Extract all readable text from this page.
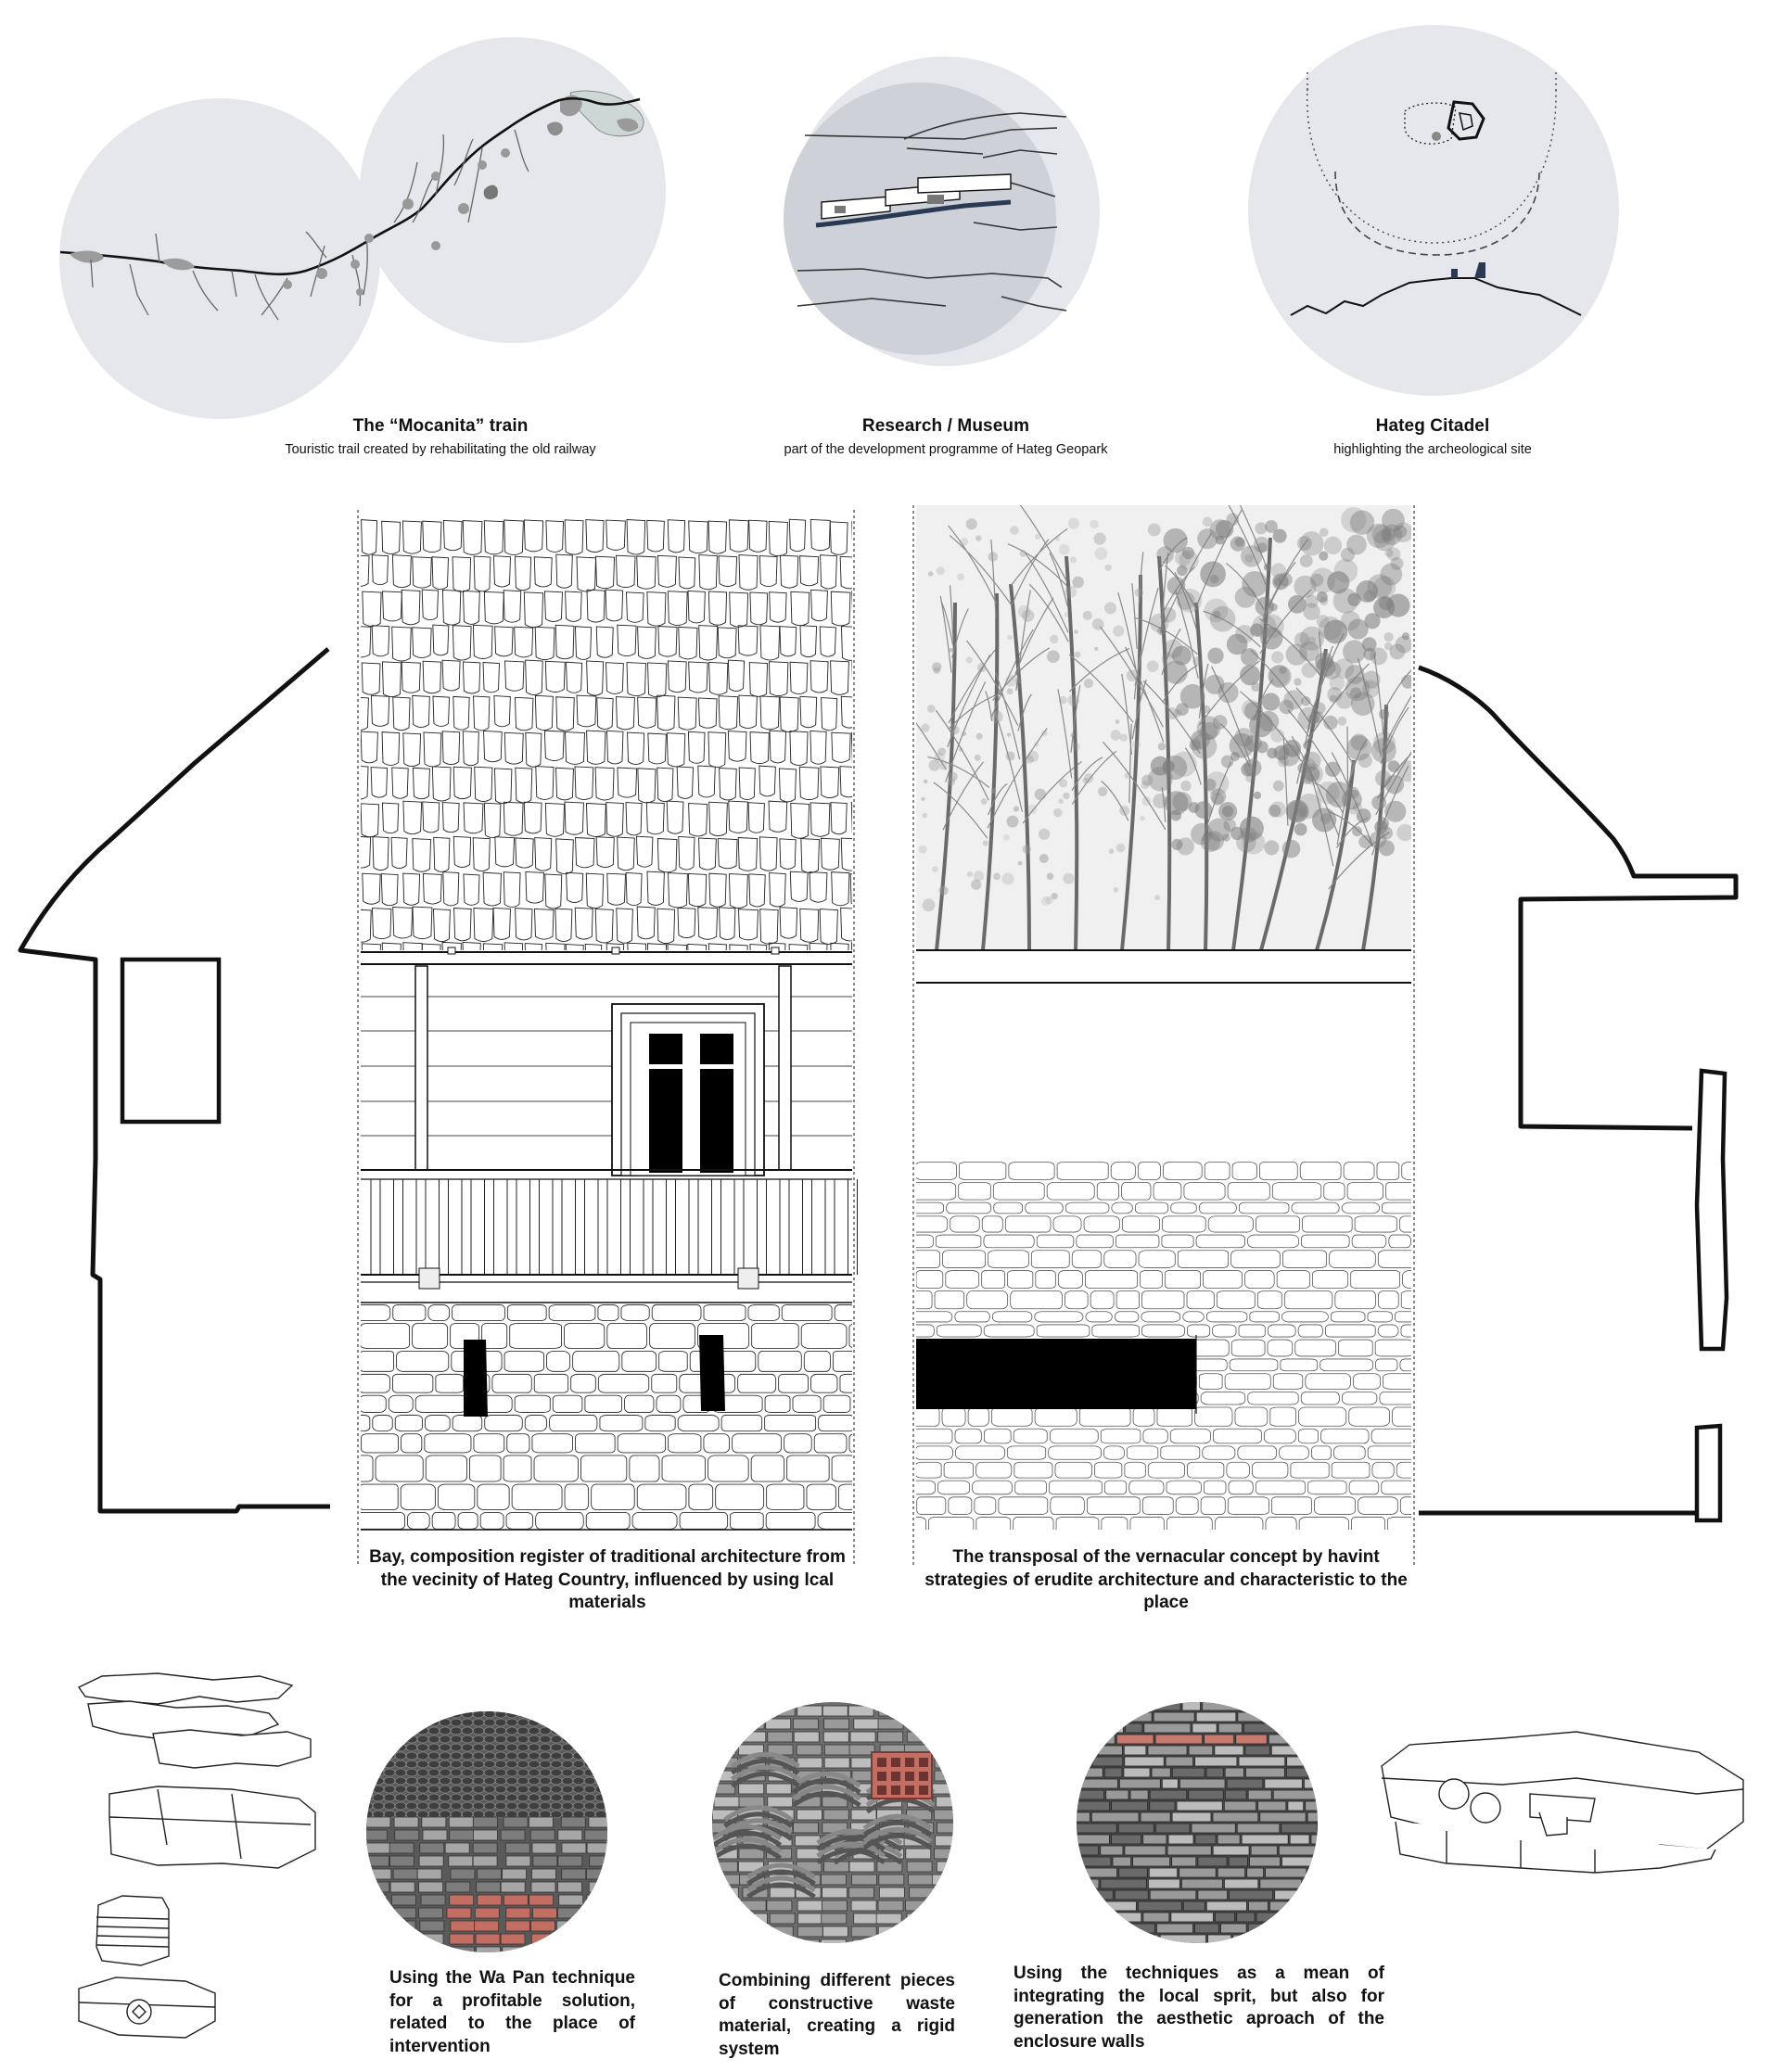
The “Mocanita” train
Touristic trail created by rehabilitating the old railway
Research / Museum
part of the development programme of Hateg Geopark
Hateg Citadel
highlighting the archeological site
Bay, composition register of traditional architecture from the vecinity of Hateg Country, influenced by using lcal materials
The transposal of the vernacular concept by havint strategies of erudite architecture and characteristic to the place
Using the Wa Pan technique for a profitable solution, related to the place of intervention
Combining different pieces of constructive waste material, creating a rigid system
Using the techniques as a mean of integrating the local sprit, but also for generation the aesthetic aproach of the enclosure walls
